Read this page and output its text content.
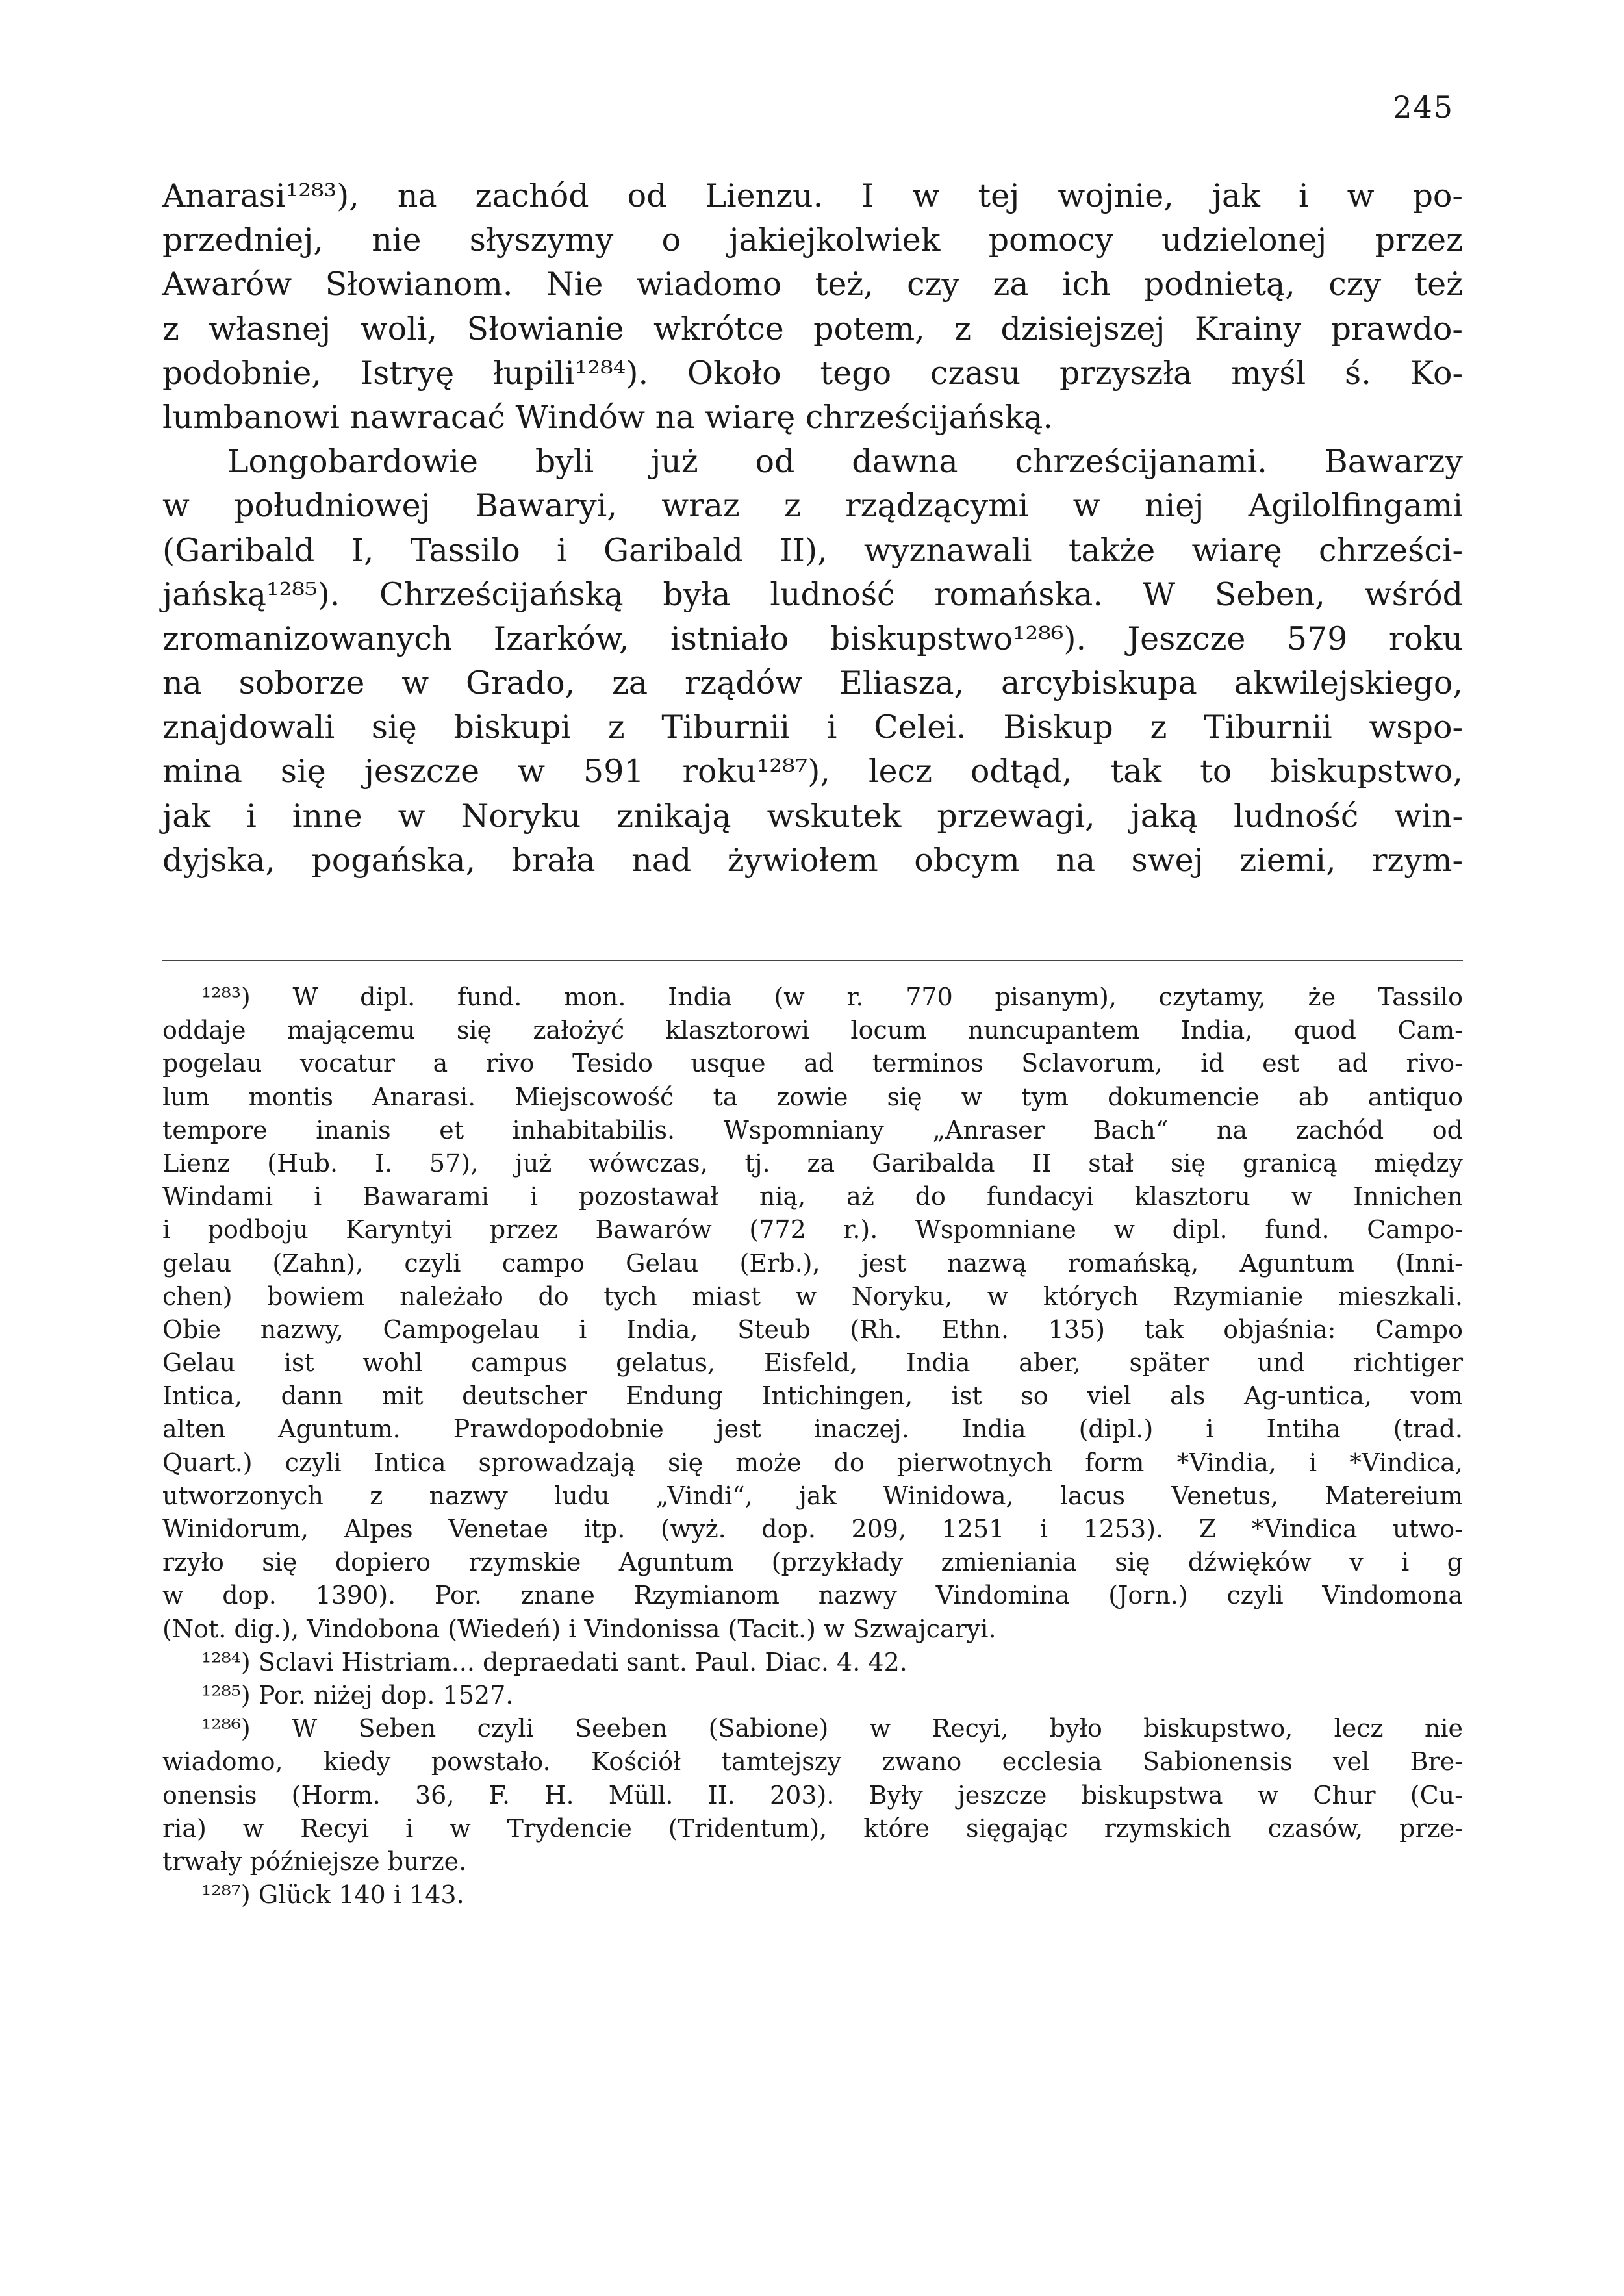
245
Anarasi¹²⁸³), na zachód od Lienzu. I w tej wojnie, jak i w po-
przedniej, nie słyszymy o jakiejkolwiek pomocy udzielonej przez
Awarów Słowianom. Nie wiadomo też, czy za ich podnietą, czy też
z własnej woli, Słowianie wkrótce potem, z dzisiejszej Krainy prawdo-
podobnie, Istryę łupili¹²⁸⁴). Około tego czasu przyszła myśl ś. Ko-
lumbanowi nawracać Windów na wiarę chrześcijańską.
Longobardowie byli już od dawna chrześcijanami. Bawarzy
w południowej Bawaryi, wraz z rządzącymi w niej Agilolfingami
(Garibald I, Tassilo i Garibald II), wyznawali także wiarę chrześci-
jańską¹²⁸⁵). Chrześcijańską była ludność romańska. W Seben, wśród
zromanizowanych Izarków, istniało biskupstwo¹²⁸⁶). Jeszcze 579 roku
na soborze w Grado, za rządów Eliasza, arcybiskupa akwilejskiego,
znajdowali się biskupi z Tiburnii i Celei. Biskup z Tiburnii wspo-
mina się jeszcze w 591 roku¹²⁸⁷), lecz odtąd, tak to biskupstwo,
jak i inne w Noryku znikają wskutek przewagi, jaką ludność win-
dyjska, pogańska, brała nad żywiołem obcym na swej ziemi, rzym-
¹²⁸³) W dipl. fund. mon. India (w r. 770 pisanym), czytamy, że Tassilo
oddaje mającemu się założyć klasztorowi locum nuncupantem India, quod Cam-
pogelau vocatur a rivo Tesido usque ad terminos Sclavorum, id est ad rivo-
lum montis Anarasi. Miejscowość ta zowie się w tym dokumencie ab antiquo
tempore inanis et inhabitabilis. Wspomniany „Anraser Bach“ na zachód od
Lienz (Hub. I. 57), już wówczas, tj. za Garibalda II stał się granicą między
Windami i Bawarami i pozostawał nią, aż do fundacyi klasztoru w Innichen
i podboju Karyntyi przez Bawarów (772 r.). Wspomniane w dipl. fund. Campo-
gelau (Zahn), czyli campo Gelau (Erb.), jest nazwą romańską, Aguntum (Inni-
chen) bowiem należało do tych miast w Noryku, w których Rzymianie mieszkali.
Obie nazwy, Campogelau i India, Steub (Rh. Ethn. 135) tak objaśnia: Campo
Gelau ist wohl campus gelatus, Eisfeld, India aber, später und richtiger
Intica, dann mit deutscher Endung Intichingen, ist so viel als Ag-untica, vom
alten Aguntum. Prawdopodobnie jest inaczej. India (dipl.) i Intiha (trad.
Quart.) czyli Intica sprowadzają się może do pierwotnych form *Vindia, i *Vindica,
utworzonych z nazwy ludu „Vindi“, jak Winidowa, lacus Venetus, Matereium
Winidorum, Alpes Venetae itp. (wyż. dop. 209, 1251 i 1253). Z *Vindica utwo-
rzyło się dopiero rzymskie Aguntum (przykłady zmieniania się dźwięków v i g
w dop. 1390). Por. znane Rzymianom nazwy Vindomina (Jorn.) czyli Vindomona
(Not. dig.), Vindobona (Wiedeń) i Vindonissa (Tacit.) w Szwajcaryi.
¹²⁸⁴) Sclavi Histriam... depraedati sant. Paul. Diac. 4. 42.
¹²⁸⁵) Por. niżej dop. 1527.
¹²⁸⁶) W Seben czyli Seeben (Sabione) w Recyi, było biskupstwo, lecz nie
wiadomo, kiedy powstało. Kościół tamtejszy zwano ecclesia Sabionensis vel Bre-
onensis (Horm. 36, F. H. Müll. II. 203). Były jeszcze biskupstwa w Chur (Cu-
ria) w Recyi i w Trydencie (Tridentum), które sięgając rzymskich czasów, prze-
trwały późniejsze burze.
¹²⁸⁷) Glück 140 i 143.
